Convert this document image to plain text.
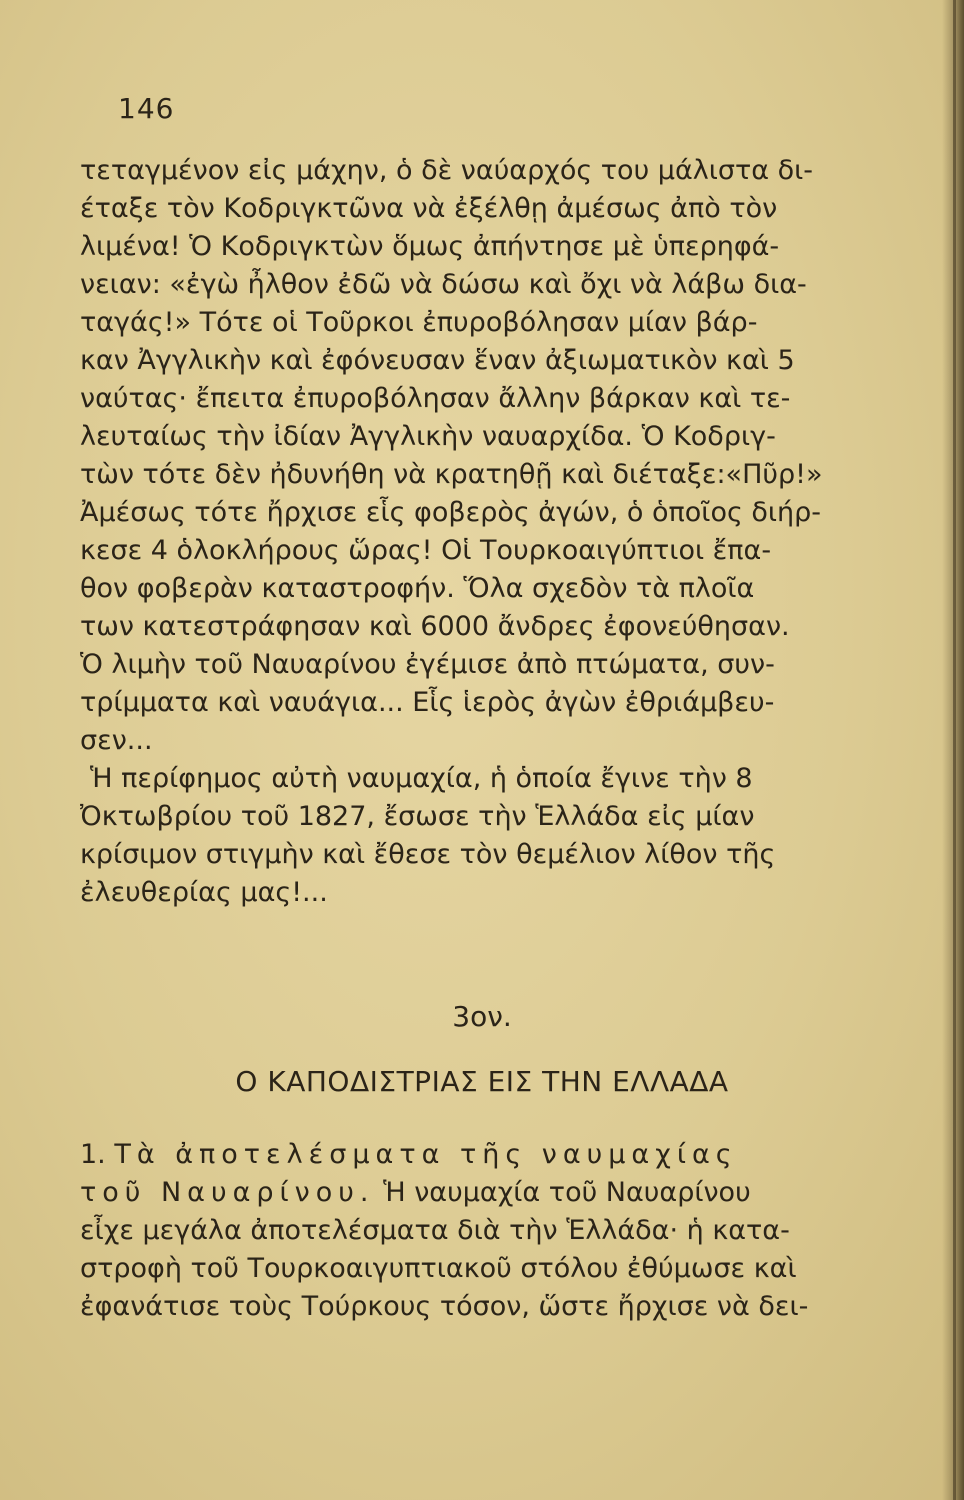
146
τεταγμένον εἰς μάχην, ὁ δὲ ναύαρχός του μάλιστα δι-
έταξε τὸν Κοδριγκτῶνα νὰ ἐξέλθῃ ἀμέσως ἀπὸ τὸν
λιμένα! Ὁ Κοδριγκτὼν ὅμως ἀπήντησε μὲ ὑπερηφά-
νειαν: «ἐγὼ ἦλθον ἐδῶ νὰ δώσω καὶ ὄχι νὰ λάβω δια-
ταγάς!» Τότε οἱ Τοῦρκοι ἐπυροβόλησαν μίαν βάρ-
καν Ἀγγλικὴν καὶ ἐφόνευσαν ἕναν ἀξιωματικὸν καὶ 5
ναύτας· ἔπειτα ἐπυροβόλησαν ἄλλην βάρκαν καὶ τε-
λευταίως τὴν ἰδίαν Ἀγγλικὴν ναυαρχίδα. Ὁ Κοδριγ-
τὼν τότε δὲν ἠδυνήθη νὰ κρατηθῇ καὶ διέταξε:«Πῦρ!»
Ἀμέσως τότε ἤρχισε εἷς φοβερὸς ἀγών, ὁ ὁποῖος διήρ-
κεσε 4 ὁλοκλήρους ὥρας! Οἱ Τουρκοαιγύπτιοι ἔπα-
θον φοβερὰν καταστροφήν. Ὅλα σχεδὸν τὰ πλοῖα
των κατεστράφησαν καὶ 6000 ἄνδρες ἐφονεύθησαν.
Ὁ λιμὴν τοῦ Ναυαρίνου ἐγέμισε ἀπὸ πτώματα, συν-
τρίμματα καὶ ναυάγια... Εἷς ἱερὸς ἀγὼν ἐθριάμβευ-
σεν...
Ἡ περίφημος αὐτὴ ναυμαχία, ἡ ὁποία ἔγινε τὴν 8
Ὀκτωβρίου τοῦ 1827, ἔσωσε τὴν Ἑλλάδα εἰς μίαν
κρίσιμον στιγμὴν καὶ ἔθεσε τὸν θεμέλιον λίθον τῆς
ἐλευθερίας μας!...
3ον.
Ο ΚΑΠΟΔΙΣΤΡΙΑΣ ΕΙΣ ΤΗΝ ΕΛΛΑΔΑ
1. Τὰ ἀποτελέσματα τῆς ναυμαχίας
τοῦ Ναυαρίνου. Ἡ ναυμαχία τοῦ Ναυαρίνου
εἶχε μεγάλα ἀποτελέσματα διὰ τὴν Ἑλλάδα· ἡ κατα-
στροφὴ τοῦ Τουρκοαιγυπτιακοῦ στόλου ἐθύμωσε καὶ
ἐφανάτισε τοὺς Τούρκους τόσον, ὥστε ἤρχισε νὰ δει-
